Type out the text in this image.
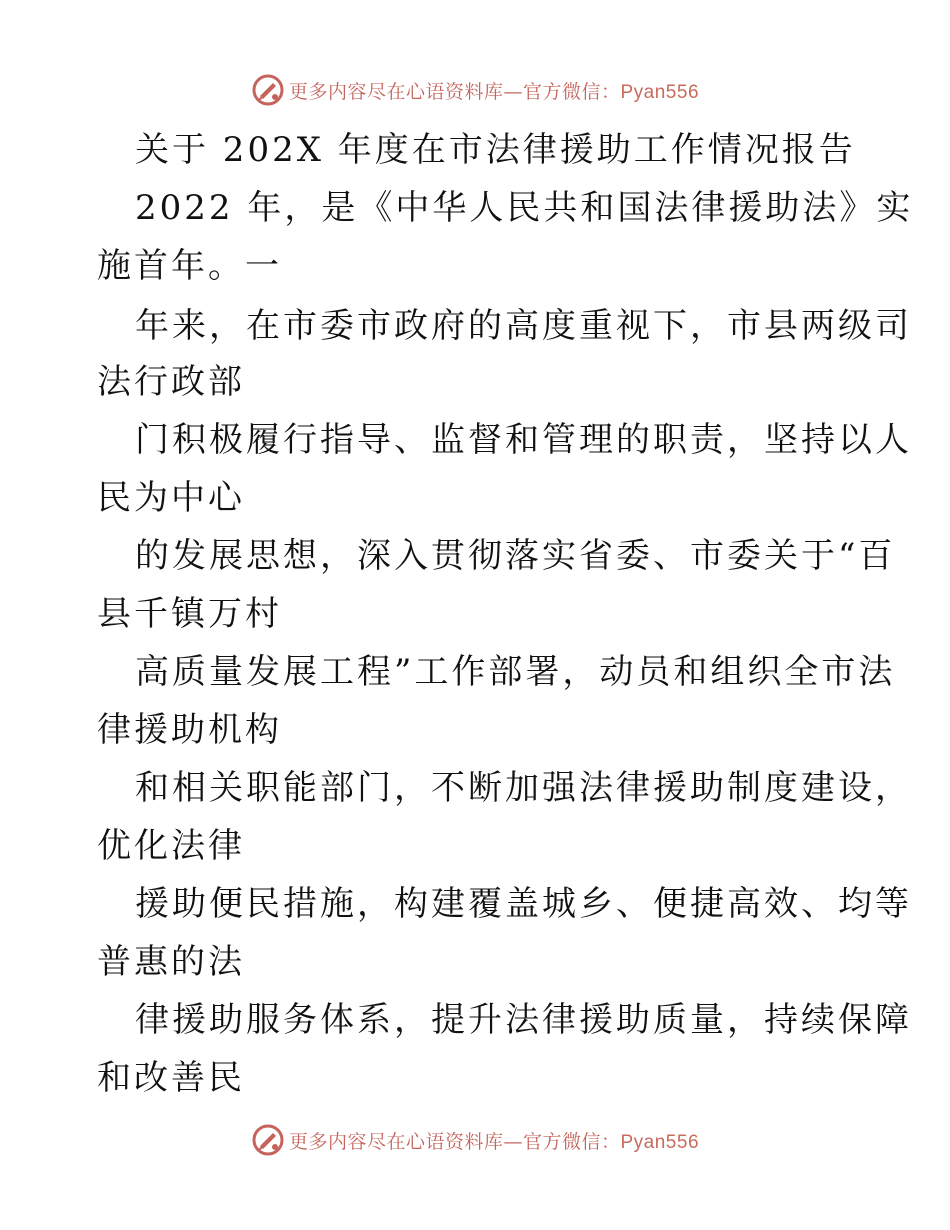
更多内容尽在心语资料库—官方微信：Pyan556
关于 202X 年度在市法律援助工作情况报告
2022 年，是《中华人民共和国法律援助法》实
施首年。一
年来，在市委市政府的高度重视下，市县两级司
法行政部
门积极履行指导、监督和管理的职责，坚持以人
民为中心
的发展思想，深入贯彻落实省委、市委关于“百
县千镇万村
高质量发展工程”工作部署，动员和组织全市法
律援助机构
和相关职能部门，不断加强法律援助制度建设，
优化法律
援助便民措施，构建覆盖城乡、便捷高效、均等
普惠的法
律援助服务体系，提升法律援助质量，持续保障
和改善民
更多内容尽在心语资料库—官方微信：Pyan556
